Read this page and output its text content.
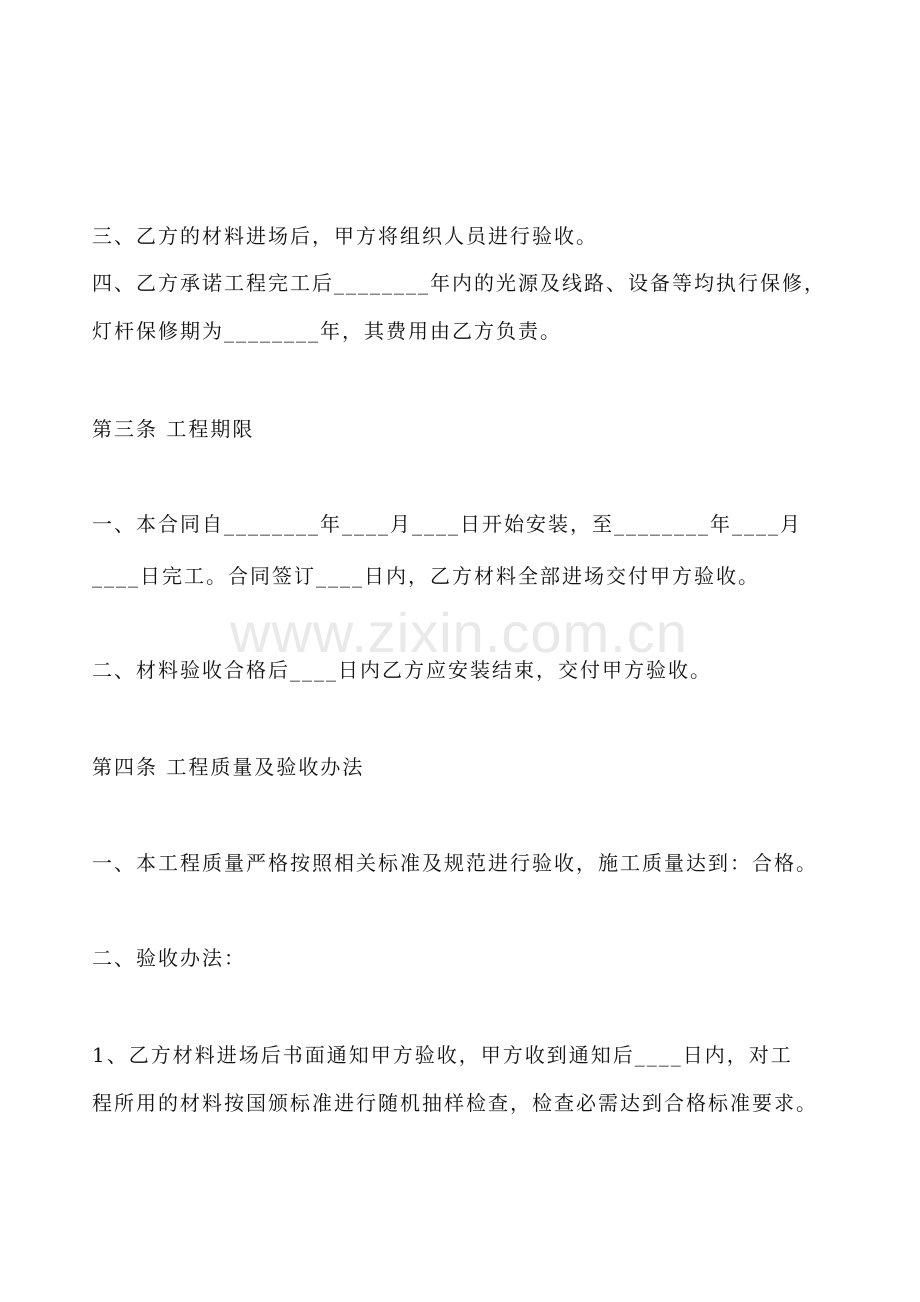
www.zixin.com.cn
三、乙方的材料进场后，甲方将组织人员进行验收。
四、乙方承诺工程完工后________年内的光源及线路、设备等均执行保修，
灯杆保修期为________年，其费用由乙方负责。
第三条 工程期限
一、本合同自________年____月____日开始安装，至________年____月
____日完工。合同签订____日内，乙方材料全部进场交付甲方验收。
二、材料验收合格后____日内乙方应安装结束，交付甲方验收。
第四条 工程质量及验收办法
一、本工程质量严格按照相关标准及规范进行验收，施工质量达到：合格。
二、验收办法：
1、乙方材料进场后书面通知甲方验收，甲方收到通知后____日内，对工
程所用的材料按国颁标准进行随机抽样检查，检查必需达到合格标准要求。
